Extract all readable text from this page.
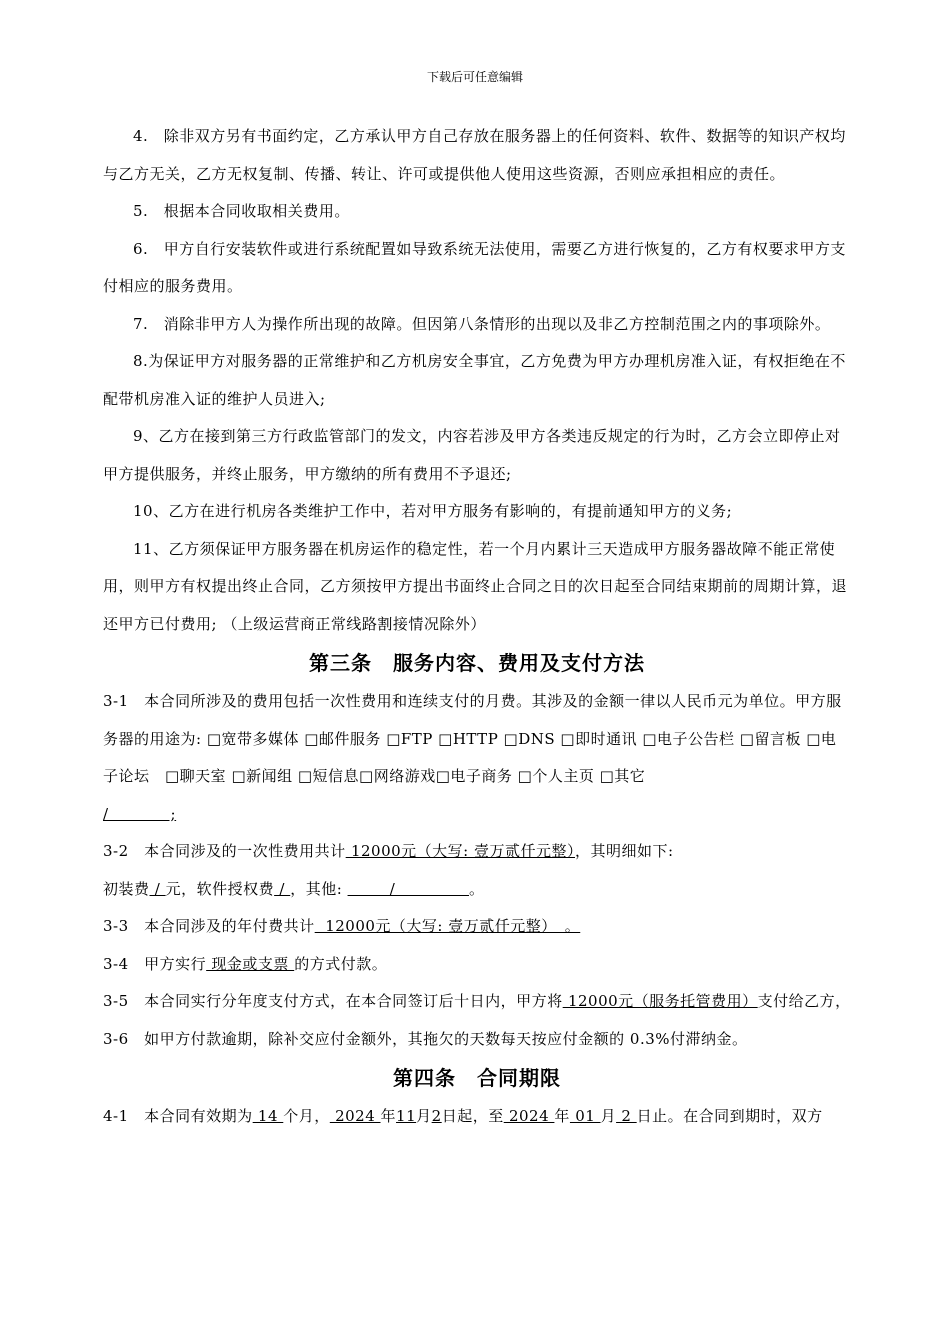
下载后可任意编辑

4.　除非双方另有书面约定，乙方承认甲方自己存放在服务器上的任何资料、软件、数据等的知识产权均与乙方无关，乙方无权复制、传播、转让、许可或提供他人使用这些资源，否则应承担相应的责任。

5.　根据本合同收取相关费用。

6.　甲方自行安装软件或进行系统配置如导致系统无法使用，需要乙方进行恢复的，乙方有权要求甲方支付相应的服务费用。

7.　消除非甲方人为操作所出现的故障。但因第八条情形的出现以及非乙方控制范围之内的事项除外。

8.为保证甲方对服务器的正常维护和乙方机房安全事宜，乙方免费为甲方办理机房准入证，有权拒绝在不配带机房准入证的维护人员进入;

9、乙方在接到第三方行政监管部门的发文，内容若涉及甲方各类违反规定的行为时，乙方会立即停止对甲方提供服务，并终止服务，甲方缴纳的所有费用不予退还;

10、乙方在进行机房各类维护工作中，若对甲方服务有影响的，有提前通知甲方的义务;

11、乙方须保证甲方服务器在机房运作的稳定性，若一个月内累计三天造成甲方服务器故障不能正常使用，则甲方有权提出终止合同，乙方须按甲方提出书面终止合同之日的次日起至合同结束期前的周期计算，退还甲方已付费用; （上级运营商正常线路割接情况除外）

第三条　服务内容、费用及支付方法

3-1　本合同所涉及的费用包括一次性费用和连续支付的月费。其涉及的金额一律以人民币元为单位。甲方服务器的用途为: □宽带多媒体 □邮件服务 □FTP □HTTP □DNS □即时通讯 □电子公告栏 □留言板 □电子论坛　□聊天室 □新闻组 □短信息□网络游戏□电子商务 □个人主页 □其它
/　　　　;

3-2　本合同涉及的一次性费用共计 12000元（大写: 壹万贰仟元整），其明细如下:

初装费 / 元，软件授权费 / ，其他:         /              。

3-3　本合同涉及的年付费共计  12000元（大写: 壹万贰仟元整）　。

3-4　甲方实行 现金或支票 的方式付款。

3-5　本合同实行分年度支付方式，在本合同签订后十日内，甲方将 12000元（服务托管费用）支付给乙方，

3-6　如甲方付款逾期，除补交应付金额外，其拖欠的天数每天按应付金额的 0.3%付滞纳金。

第四条　合同期限

4-1　本合同有效期为 14 个月， 2024 年11月2日起，至 2024 年 01 月 2 日止。在合同到期时，双方
